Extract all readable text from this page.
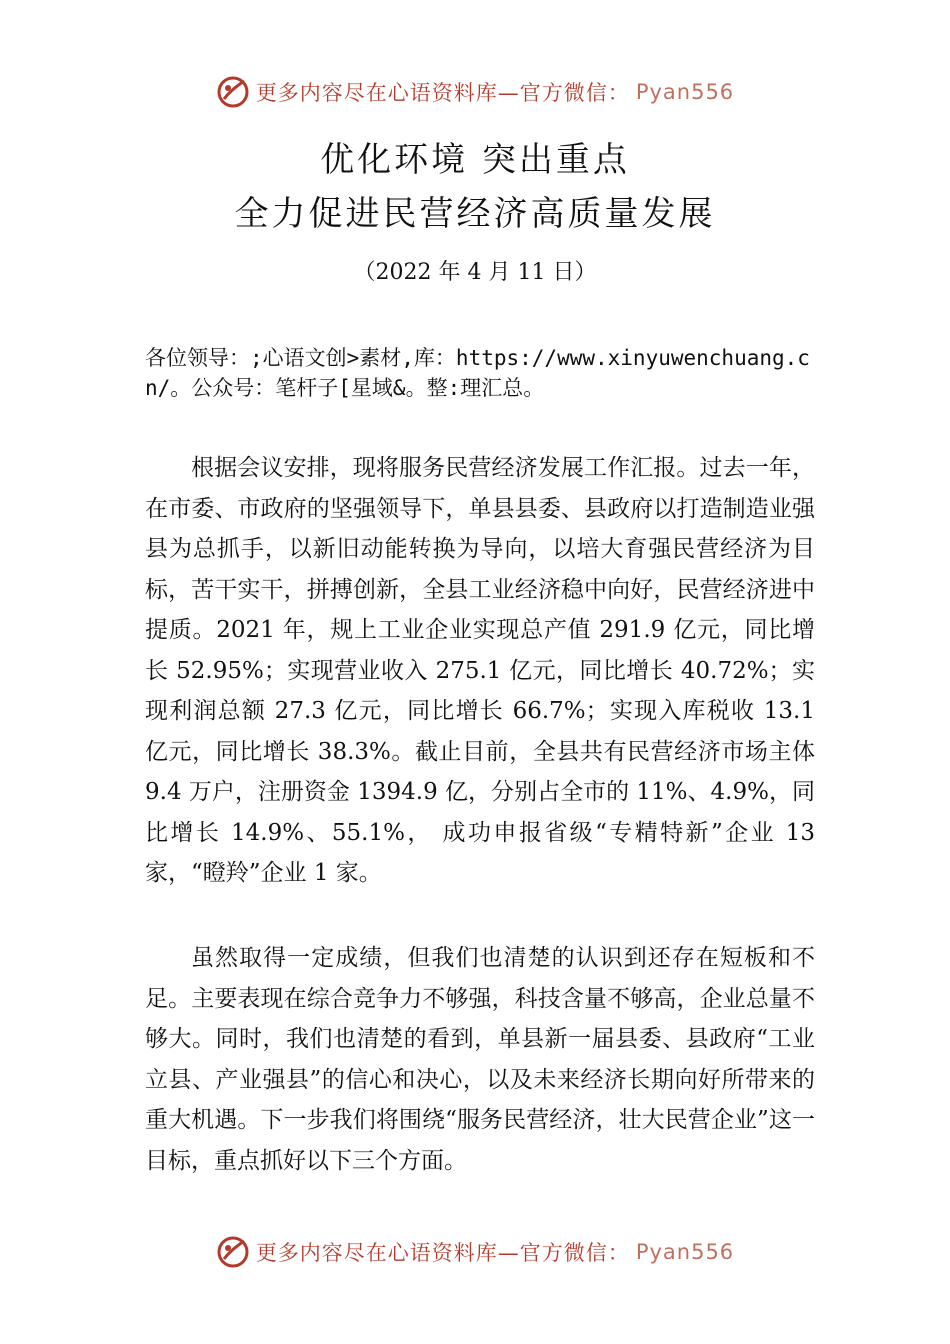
更多内容尽在心语资料库—官方微信： Pyan556
优化环境 突出重点
全力促进民营经济高质量发展
（2022 年 4 月 11 日）
各位领导：;心语文创>素材,库：https://www.xinyuwenchuang.cn/。公众号：笔杆子[星域&。整:理汇总。
根据会议安排，现将服务民营经济发展工作汇报。过去一年，在市委、市政府的坚强领导下，单县县委、县政府以打造制造业强县为总抓手，以新旧动能转换为导向，以培大育强民营经济为目标，苦干实干，拼搏创新，全县工业经济稳中向好，民营经济进中提质。2021 年，规上工业企业实现总产值 291.9 亿元，同比增长 52.95%；实现营业收入 275.1 亿元，同比增长 40.72%；实现利润总额 27.3 亿元，同比增长 66.7%；实现入库税收 13.1 亿元，同比增长 38.3%。截止目前，全县共有民营经济市场主体 9.4 万户，注册资金 1394.9 亿，分别占全市的 11%、4.9%，同比增长 14.9%、55.1%， 成功申报省级“专精特新”企业 13 家，“瞪羚”企业 1 家。
虽然取得一定成绩，但我们也清楚的认识到还存在短板和不足。主要表现在综合竞争力不够强，科技含量不够高，企业总量不够大。同时，我们也清楚的看到，单县新一届县委、县政府“工业立县、产业强县”的信心和决心，以及未来经济长期向好所带来的重大机遇。下一步我们将围绕“服务民营经济，壮大民营企业”这一目标，重点抓好以下三个方面。
更多内容尽在心语资料库—官方微信： Pyan556
